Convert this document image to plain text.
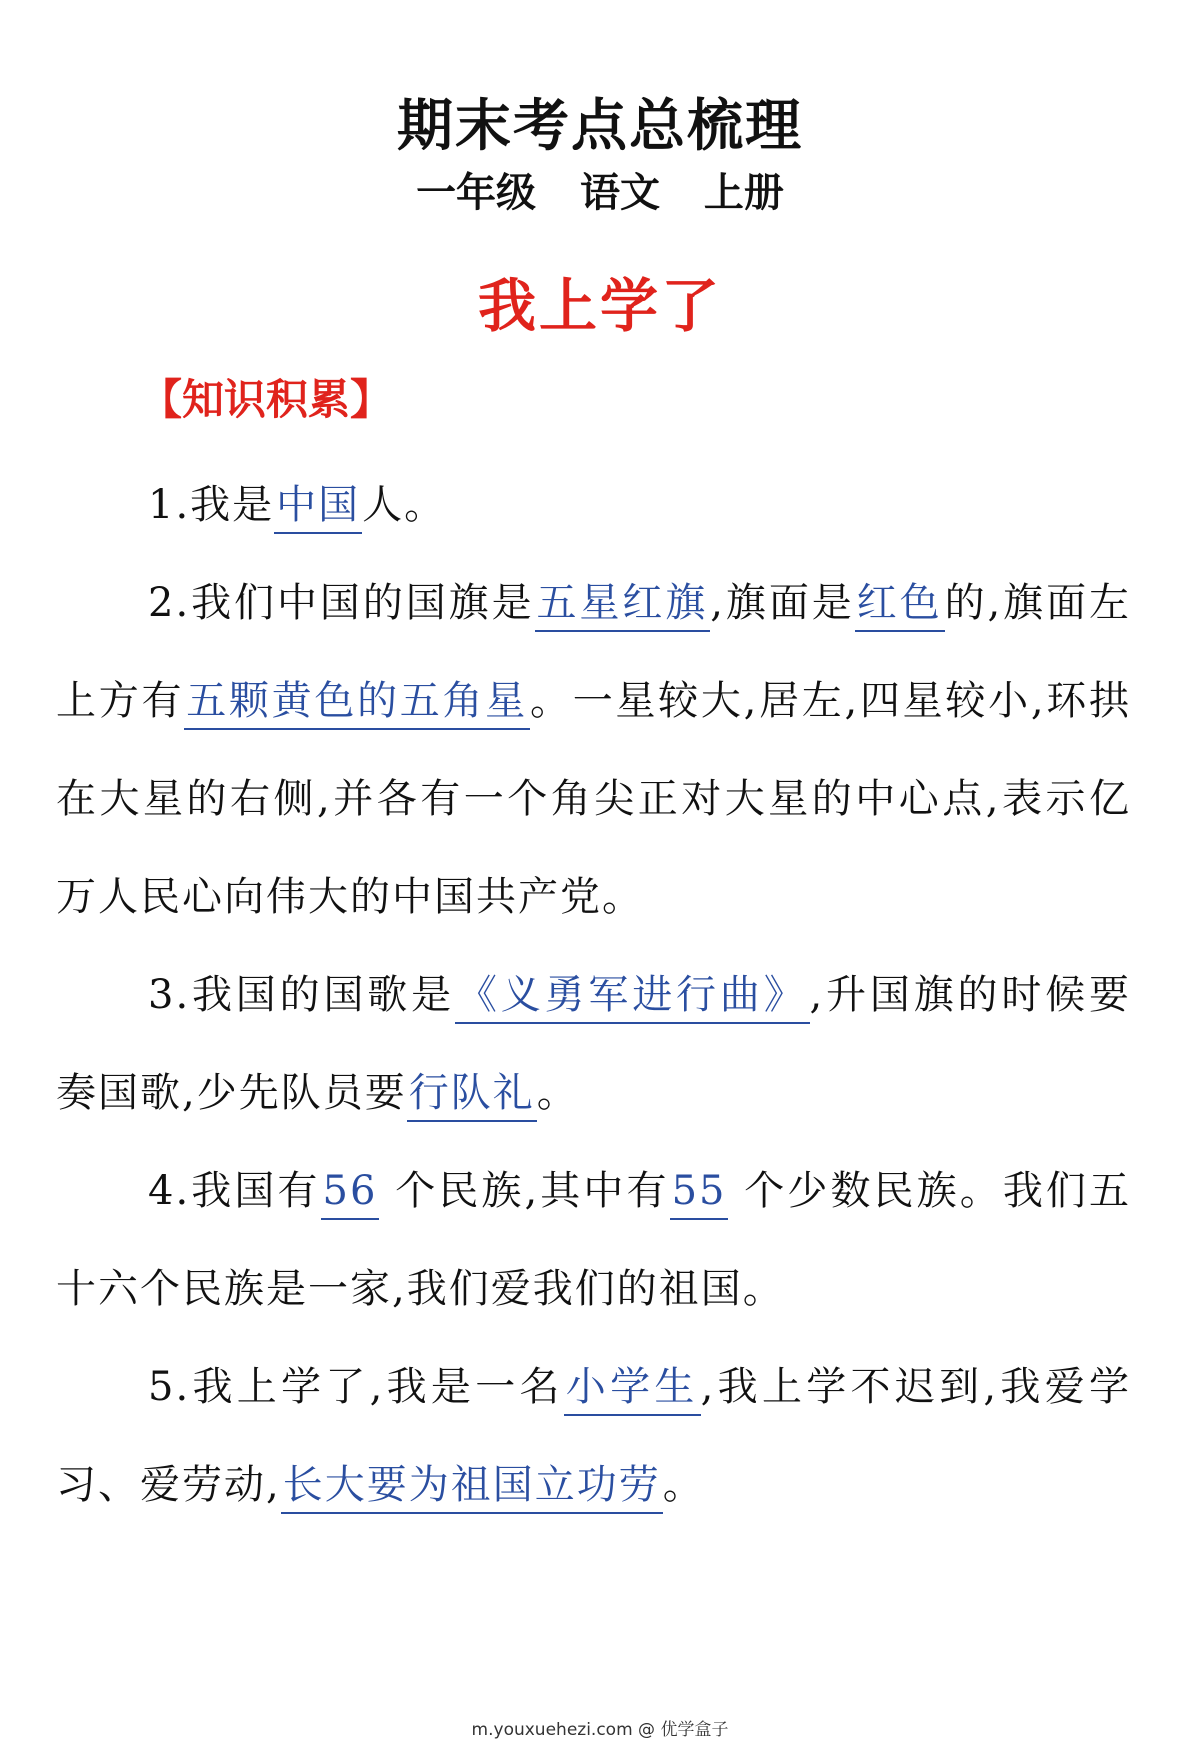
期末考点总梳理
一年级 语文 上册
我上学了
【知识积累】

1.我是中国人。

2.我们中国的国旗是五星红旗,旗面是红色的,旗面左上方有五颗黄色的五角星。一星较大,居左,四星较小,环拱在大星的右侧,并各有一个角尖正对大星的中心点,表示亿万人民心向伟大的中国共产党。

3.我国的国歌是《义勇军进行曲》,升国旗的时候要奏国歌,少先队员要行队礼。

4.我国有56 个民族,其中有55 个少数民族。我们五十六个民族是一家,我们爱我们的祖国。

5.我上学了,我是一名小学生,我上学不迟到,我爱学习、爱劳动,长大要为祖国立功劳。

m.youxuehezi.com @ 优学盒子
